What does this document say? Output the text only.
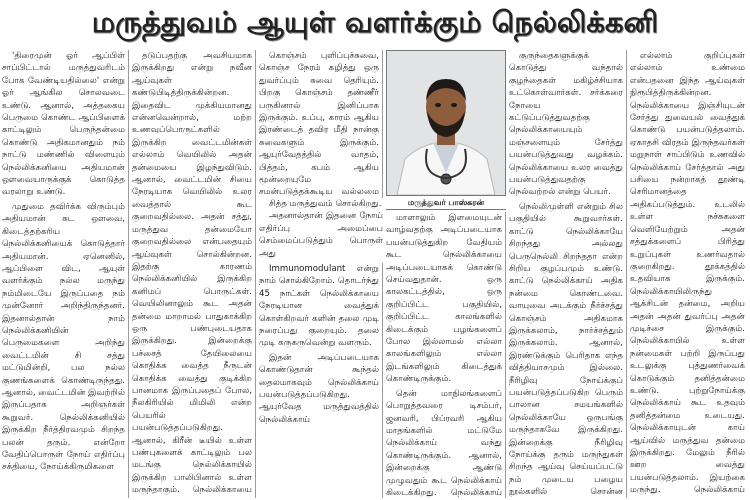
மருத்துவம் ஆயுள் வளர்க்கும் நெல்லிக்கனி

'திரைமுன் ஓர் ஆப்பிள் சாப்பிட்டால் மருத்துவரிடம் போக வேண்டியதில்லை' என்று ஓர் ஆங்கில சொலவடை உண்டு. ஆனால், அத்தகைய பெருமை கொண்ட ஆப்பிளைக் காட்டிலும் பெருந்தன்மை கொண்டு அதிகமானதும் நம் நாட்டு மண்ணில் விளையும் நெல்லிக்கனியை அதியமான் ஔவையாருக்குக் கொடுத்த வரலாறு உண்டு.

முதுமை தவிர்க்க விரும்பும் அதியமான் கட ஔவை, கிடைத்தற்கரிய நெல்லிக்கனியைக் கொடுத்தார் அதியமான். ஏனெனில், ஆப்பிளை விட, ஆயுள் வளர்க்கும் நல்ல மருந்து நம்மிடையே இருப்பதை நம் முன்னோர் அறிந்திருந்தனர். இதனால்தான் நாம் நெல்லிக்கனியின் பெருமைகளை அறிந்து வைட்டமின் சி சத்து மட்டுமின்றி, பல நல்ல குணங்களைக் கொண்டிருந்தது. ஆனால், வைட்டமின் இவற்றில் இருப்பதாக அறிஞர்கள் கூறுவர். நெல்லிக்கனியில் இருக்கிற நீர்த்திரவமும் சிறந்த பலன் தரும். என்றோ வேதிப்பொருள் நோய் எதிர்ப்பு சக்தியை, நோய்க்கிருமிகளை

தடுப்பதற்கு அவசியமாக இருக்கிறது என்று நவீன ஆய்வுகள் கண்டுபிடித்திருக்கின்றன. இதைவிட முக்கியமானது என்னவென்றால், மற்ற உணவுப்பொருட்களில் இருக்கிற வைட்டமின்கள் எல்லாம் வெயிலில் அதன் தன்மையை இழந்துவிடும். ஆனால், வைட்டமின் சியை நேரடியாக வெயிலில் உலர வைத்தால் கூட குறைவதில்லை. அதன் சத்து, மருத்துவ தன்மையோ குறைவதில்லை என்பதையும் ஆய்வுகள் சொல்கின்றன. இதற்கு காரணம் நெல்லிக்கனியில் இருக்கிற கனிமப் பொருட்கள். வெயிலினாலும் கூட அதன் தன்மை மாறாமல் பாதுகாக்கிற ஒரு பண்புடையதாக இருக்கிறது. இன்றைக்கு பச்சைத் தேயிலையை கொதிக்க வைத்த நீருடன் கொதிக்க வைத்து குடிக்கிற பானமாக இருப்பதைப் போல, நீலகிரியில் மிமிலி என்ற பெயரில் பயன்படுத்தப்படுகிறது. ஆனால், கிரீன் டீயில் உள்ள பண்புகளைக் காட்டிலும் பல மடங்கு நெல்லிக்காயில் இருக்கிற பாலிபினால் உள்ள மருந்தாகும். நெல்லிக்காயை

கொஞ்சம் புளிப்புச்சுவை, கொஞ்ச நேரம் கழித்து ஒரு துவர்ப்பும் சுவை தெரியும். பிறகு கொஞ்சம் தண்ணீர் பருகினால் இனிப்பாக இருக்கும். உப்பு, காரம் ஆகிய இரண்டைத் தவிர மீதி நான்கு சுவைகளும் இருக்கும். ஆயுர்வேதத்தில் வாதம், பித்தம், கபம் ஆகிய மூன்றையுமே சமன்படுத்தக்கூடிய வல்லமை

சித்த மருத்துவம் சொல்கிறது.

அதனால்தான் இதனை நோய் எதிர்ப்பு அமைப்பை செம்மைப்படுத்தும் பொருள் அது

Immunomodulant என்று நாம் சொல்கிறோம். தொடர்ந்து 45 நாட்கள் நெல்லிக்காயை நேரடியான வைத்துக் கொள்கிறவர் களின் தலை முடி நரைப்பது குறையும். தலை முடி கருகருவென்று வளரும்.

இதன் அடிப்படையாக கொண்டுதான் கூந்தல் தைலமாகவும் நெல்லிக்காய் பயன்படுத்தப்படுகிறது. ஆயுர்வேத மருத்துவத்தில் நெல்லிக்காய்

மருத்துவர் பாஸ்கரன்

மாளாலும் இளமையுடன் வாழ்வதற்கு அடிப்படையாக பயன்படுத்துகிற வேதியம் கூட நெல்லிக்காயை அடிப்படையாகக் கொண்டு செய்வதுதான். ஒரு காலகட்டத்தில், ஒரு குறிப்பிட்ட பகுதியில், குறிப்பிட்ட காலங்களில் கிடைக்கும் பழங்களைப் போல இல்லாமல் எல்லா காலங்களிலும் எல்லா இடங்களிலும் கிடைத்துக் கொண்டிருக்கும்.

தென் மாநிலங்களைப் பொறுத்தவரை டிசம்பர், ஜனவரி, பிப்ரவரி ஆகிய மாதங்களில் மட்டுமே நெல்லிக்காய் வந்து கொண்டிருக்கும். ஆனால், இன்றைக்கு ஆண்டு முழுவதும் கூட நெல்லிக்காய் கிடைக்கிறது. நெல்லிக்காய்

குருந்தைகளுக்குக் கொடுத்து வந்தால் குழந்தைகள் மகிழ்ச்சியாக உட்கொள்வார்கள். சர்க்கரை நோயை கட்டுப்படுத்துவதற்கு நெல்லிக்காயையும் மஞ்சளையும் சேர்த்து பயன்படுத்துவது வழக்கம். நெல்லிக்காயை உலர வைத்து பயன்படுத்துவதற்கு நெல்வற்றல் என்று பெயர்.

நெல்லிமுள்ளி என்றும் சில பகுதியில் கூறுவார்கள். காட்டு நெல்லிக்காயே சிறந்தது அல்லது பெருநெல்லி சிறந்ததா என்ற சிறிய குழப்பமும் உண்டு. காட்டு நெல்லிக்காய் அதிக நன்மை கொண்டவை. வாயுவை அடக்கும் நீர்ச்சத்து கொஞ்சம் அதிகமாக இருக்கலாம், நார்ச்சத்தும் இருக்கலாம். ஆனால், இரண்டுக்கும் பெரிதாக எந்த வித்தியாசமும் இல்லை. நீரிழிவு நோய்க்குப் பயன்படுத்தப்படுகிற பெரும் பாலான சமயங்களில் நெல்லிக்காயே ஒருபங்கு மருந்தாகவே இருக்கிறது. இன்றைக்கு நீரிழிவு நோய்க்கு தரும் மருந்துகள் சிறந்த ஆய்வு செய்யப்பட்டு நம் முடைய பழைய நூல்களில் சொன்ன

எல்லாம் குறிப்புகள் எல்லாம் உண்மை என்பதனை இந்த ஆய்வுகள் நிரூபித்திருக்கின்றன. நெல்லிக்காயை இஞ்சியுடன் சேர்த்து துவையல் வைத்துக் கொண்டு பயன்படுத்தலாம். ஏகாதசி விரதம் இருந்தவர்கள் மறுநாள் சாப்பிடும் உணவில் நெல்லிக்காய் சேர்த்தால் அது பசியை நன்றாகத் தூண்டி செரிமானத்தை அதிகப்படுத்தும். உடலில் உள்ள நச்சுகளை வெளியேற்றும் அதன் சத்துக்களைப் பிரித்து உறுப்புகள் உணர்வதால் குறைகிறது. தூக்கத்தில் உதவியாக இருக்கும். நெல்லிக்காயிலிருந்து ஆக்சிடன் தன்மை, அறிய அதன் அதன் துவர்ப்பு அதன் முடிச்சை இருக்கும். நெல்லிக்காயில் உள்ள நன்மைகள் பற்றி இருப்பது உடலுக்கு புத்துணர்வைக் கொடுக்கும் தனித்தன்மை உண்டு. புற்றுநோய்க்கு நெல்லிக்காய் கூட உதவும் தனித்தன்மை உடையது. நெல்லிக்காயுடன் காய் ஆய்வில் மருத்துவ தன்மை இருக்கிறது. மேலும் நீரில் ஊற வைத்து பயன்படுத்தலாம். இயற்கை மருந்து. நெல்லிக்காய்
